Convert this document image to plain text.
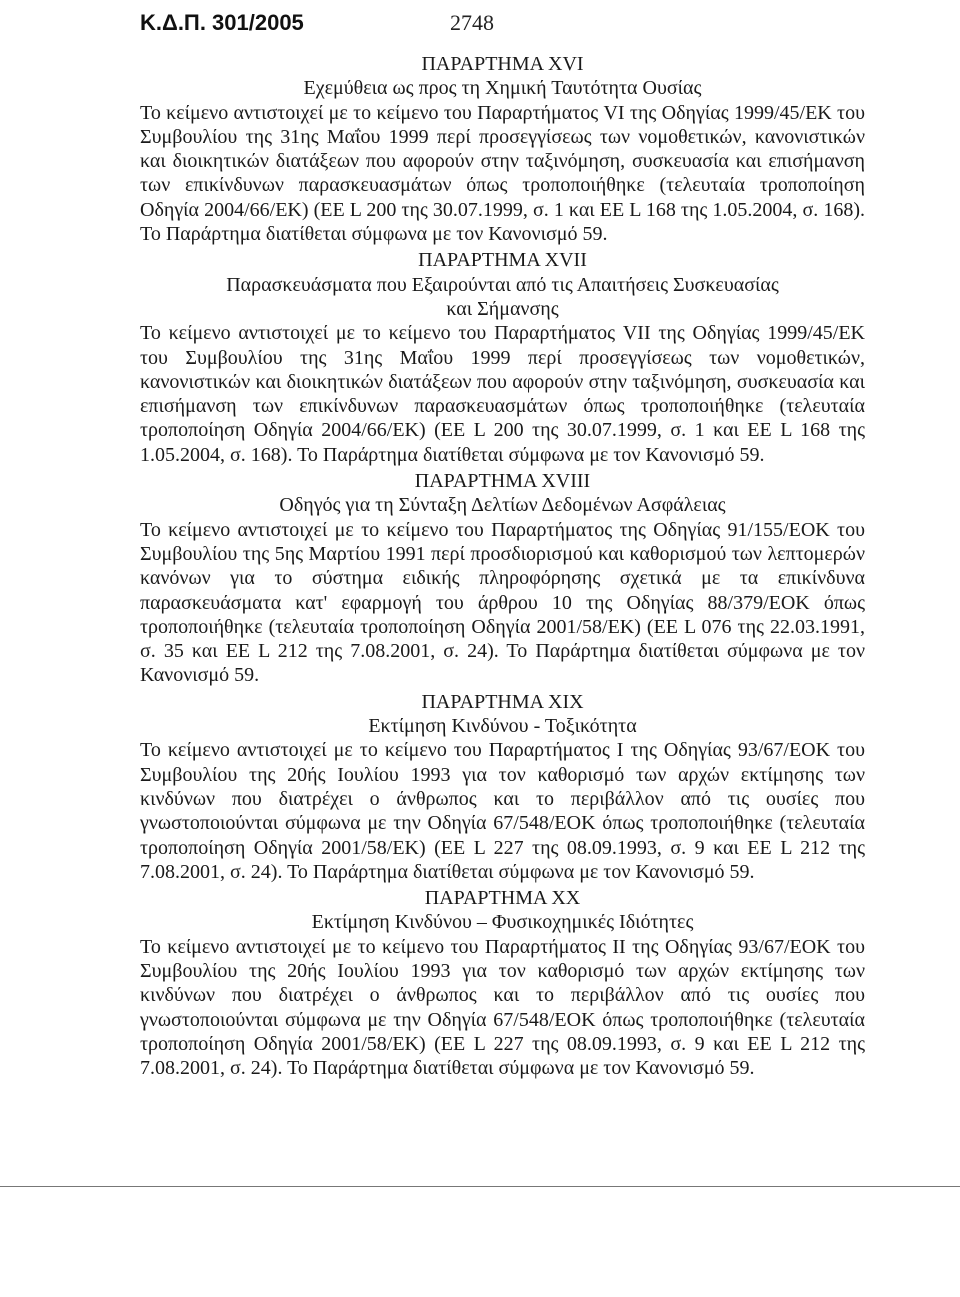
Κ.Δ.Π. 301/2005	2748

ΠΑΡΑΡΤΗΜΑ XVI

Εχεμύθεια ως προς τη Χημική Ταυτότητα Ουσίας

Το κείμενο αντιστοιχεί με το κείμενο του Παραρτήματος VI της Οδηγίας 1999/45/ΕΚ του Συμβουλίου της 31ης Μαΐου 1999 περί προσεγγίσεως των νομοθετικών, κανονιστικών και διοικητικών διατάξεων που αφορούν στην ταξινόμηση, συσκευασία και επισήμανση των επικίνδυνων παρασκευασμάτων όπως τροποποιήθηκε (τελευταία τροποποίηση Οδηγία 2004/66/ΕΚ) (ΕΕ L 200 της 30.07.1999, σ. 1 και ΕΕ L 168 της 1.05.2004, σ. 168). Το Παράρτημα διατίθεται σύμφωνα με τον Κανονισμό 59.

ΠΑΡΑΡΤΗΜΑ XVII

Παρασκευάσματα που Εξαιρούνται από τις Απαιτήσεις Συσκευασίας

και Σήμανσης

Το κείμενο αντιστοιχεί με το κείμενο του Παραρτήματος VII της Οδηγίας 1999/45/ΕΚ του Συμβουλίου της 31ης Μαΐου 1999 περί προσεγγίσεως των νομοθετικών, κανονιστικών και διοικητικών διατάξεων που αφορούν στην ταξινόμηση, συσκευασία και επισήμανση των επικίνδυνων παρασκευασμάτων όπως τροποποιήθηκε (τελευταία τροποποίηση Οδηγία 2004/66/ΕΚ) (ΕΕ L 200 της 30.07.1999, σ. 1 και ΕΕ L 168 της 1.05.2004, σ. 168). Το Παράρτημα διατίθεται σύμφωνα με τον Κανονισμό 59.

ΠΑΡΑΡΤΗΜΑ XVIII

Οδηγός για τη Σύνταξη Δελτίων Δεδομένων Ασφάλειας

Το κείμενο αντιστοιχεί με το κείμενο του Παραρτήματος της Οδηγίας 91/155/ΕΟΚ του Συμβουλίου της 5ης Μαρτίου 1991 περί προσδιορισμού και καθορισμού των λεπτομερών κανόνων για το σύστημα ειδικής πληροφόρησης σχετικά με τα επικίνδυνα παρασκευάσματα κατ' εφαρμογή του άρθρου 10 της Οδηγίας 88/379/ΕΟΚ όπως τροποποιήθηκε (τελευταία τροποποίηση Οδηγία 2001/58/ΕΚ) (ΕΕ L 076 της 22.03.1991, σ. 35 και ΕΕ L 212 της 7.08.2001, σ. 24). Το Παράρτημα διατίθεται σύμφωνα με τον Κανονισμό 59.

ΠΑΡΑΡΤΗΜΑ XIX

Εκτίμηση Κινδύνου - Τοξικότητα

Το κείμενο αντιστοιχεί με το κείμενο του Παραρτήματος I της Οδηγίας 93/67/ΕΟΚ του Συμβουλίου της 20ής Ιουλίου 1993 για τον καθορισμό των αρχών εκτίμησης των κινδύνων που διατρέχει ο άνθρωπος και το περιβάλλον από τις ουσίες που γνωστοποιούνται σύμφωνα με την Οδηγία 67/548/ΕΟΚ όπως τροποποιήθηκε (τελευταία τροποποίηση Οδηγία 2001/58/ΕΚ) (ΕΕ L 227 της 08.09.1993, σ. 9 και ΕΕ L 212 της 7.08.2001, σ. 24). Το Παράρτημα διατίθεται σύμφωνα με τον Κανονισμό 59.

ΠΑΡΑΡΤΗΜΑ XX

Εκτίμηση Κινδύνου – Φυσικοχημικές Ιδιότητες

Το κείμενο αντιστοιχεί με το κείμενο του Παραρτήματος II της Οδηγίας 93/67/ΕΟΚ του Συμβουλίου της 20ής Ιουλίου 1993 για τον καθορισμό των αρχών εκτίμησης των κινδύνων που διατρέχει ο άνθρωπος και το περιβάλλον από τις ουσίες που γνωστοποιούνται σύμφωνα με την Οδηγία 67/548/ΕΟΚ όπως τροποποιήθηκε (τελευταία τροποποίηση Οδηγία 2001/58/ΕΚ) (ΕΕ L 227 της 08.09.1993, σ. 9 και ΕΕ L 212 της 7.08.2001, σ. 24). Το Παράρτημα διατίθεται σύμφωνα με τον Κανονισμό 59.
